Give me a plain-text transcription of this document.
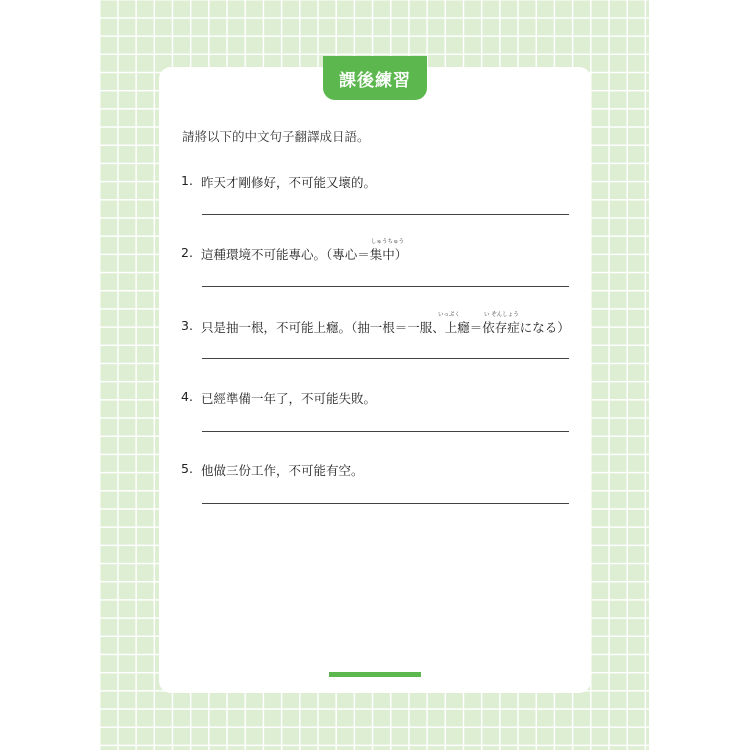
課後練習
請將以下的中文句子翻譯成日語。
1. 昨天才剛修好，不可能又壞的。
しゅうちゅう
2. 這種環境不可能專心。（專心＝集中）
いっぷく	い ぞんしょう
3. 只是抽一根，不可能上癮。（抽一根＝一服、上癮＝依存症になる）
4. 已經準備一年了，不可能失敗。
5. 他做三份工作，不可能有空。
